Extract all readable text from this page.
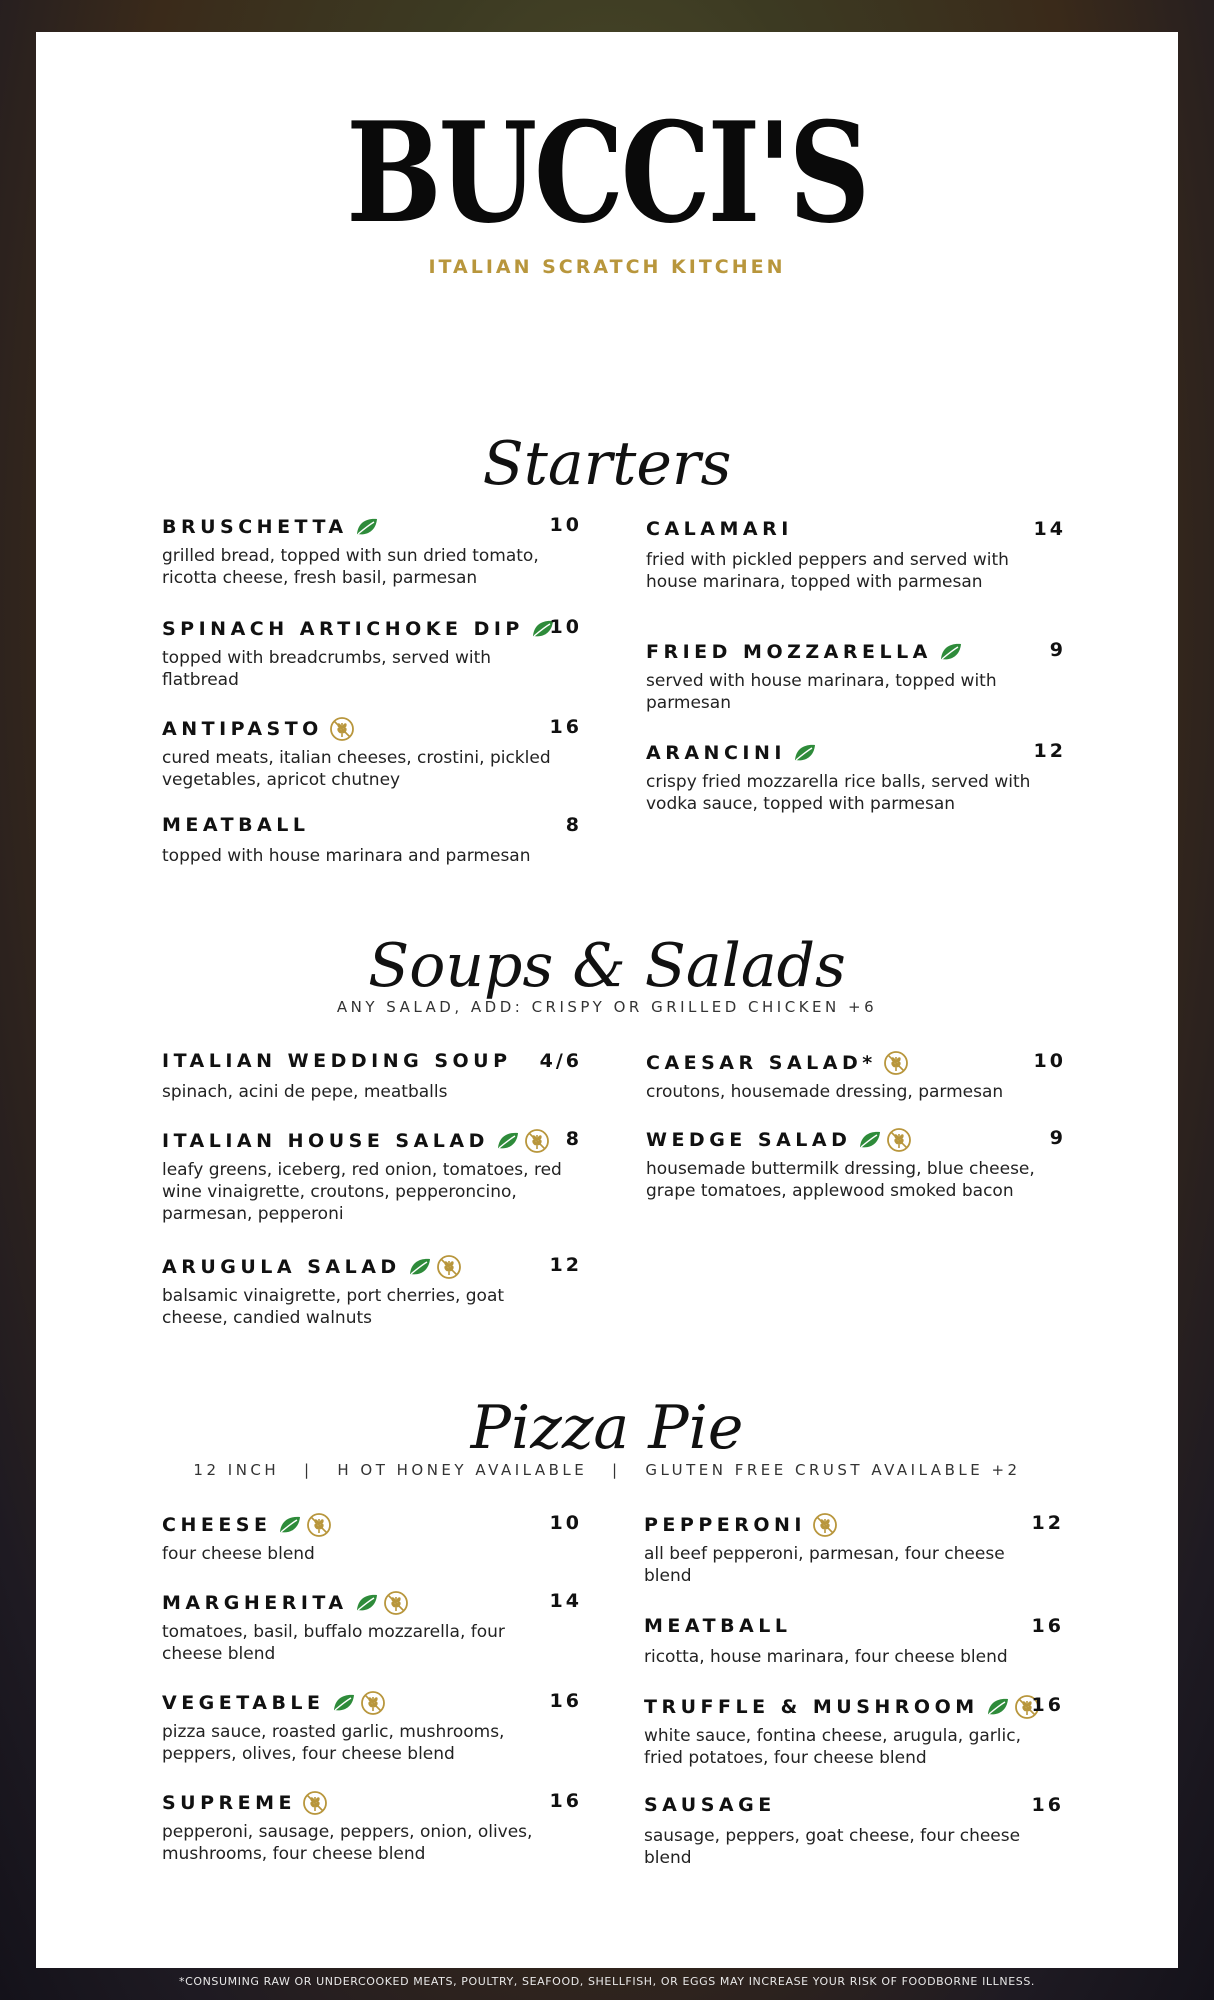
BUCCI'S
ITALIAN SCRATCH KITCHEN
Starters
BRUSCHETTA	10
grilled bread, topped with sun dried tomato, ricotta cheese, fresh basil, parmesan
CALAMARI	14
fried with pickled peppers and served with house marinara, topped with parmesan
SPINACH ARTICHOKE DIP 10
topped with breadcrumbs, served with flatbread
FRIED MOZZARELLA	9
served with house marinara, topped with parmesan
ANTIPASTO	16
cured meats, italian cheeses, crostini, pickled vegetables, apricot chutney
ARANCINI	12
crispy fried mozzarella rice balls, served with vodka sauce, topped with parmesan
MEATBALL	8
topped with house marinara and parmesan
Soups & Salads
ANY SALAD, ADD: CRISPY OR GRILLED CHICKEN +6
ITALIAN WEDDING SOUP 4/6
spinach, acini de pepe, meatballs
CAESAR SALAD*	10
croutons, housemade dressing, parmesan
ITALIAN HOUSE SALAD	8
leafy greens, iceberg, red onion, tomatoes, red wine vinaigrette, croutons, pepperoncino, parmesan, pepperoni
WEDGE SALAD	9
housemade buttermilk dressing, blue cheese, grape tomatoes, applewood smoked bacon
ARUGULA SALAD	12
balsamic vinaigrette, port cherries, goat cheese, candied walnuts
Pizza Pie
12 INCH   |   H OT HONEY AVAILABLE   |   GLUTEN FREE CRUST AVAILABLE +2
CHEESE	10
four cheese blend
PEPPERONI	12
all beef pepperoni, parmesan, four cheese blend
MARGHERITA	14
tomatoes, basil, buffalo mozzarella, four cheese blend
MEATBALL	16
ricotta, house marinara, four cheese blend
VEGETABLE	16
pizza sauce, roasted garlic, mushrooms, peppers, olives, four cheese blend
TRUFFLE & MUSHROOM	16
white sauce, fontina cheese, arugula, garlic, fried potatoes, four cheese blend
SUPREME	16
pepperoni, sausage, peppers, onion, olives, mushrooms, four cheese blend
SAUSAGE	16
sausage, peppers, goat cheese, four cheese blend
*CONSUMING RAW OR UNDERCOOKED MEATS, POULTRY, SEAFOOD, SHELLFISH, OR EGGS MAY INCREASE YOUR RISK OF FOODBORNE ILLNESS.
